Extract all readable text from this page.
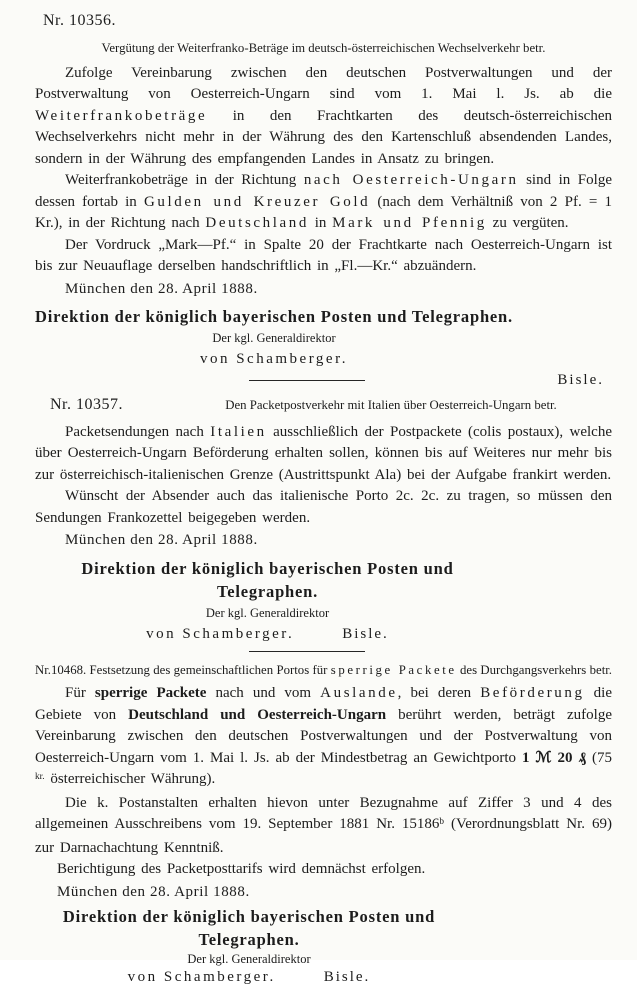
Nr. 10356.
Vergütung der Weiterfranko-Beträge im deutsch-österreichischen Wechselverkehr betr.

Zufolge Vereinbarung zwischen den deutschen Postverwaltungen und der Postverwaltung von Oesterreich-Ungarn sind vom 1. Mai l. Js. ab die Weiterfrankobeträge in den Frachtkarten des deutsch-österreichischen Wechselverkehrs nicht mehr in der Währung des den Kartenschluß absendenden Landes, sondern in der Währung des empfangenden Landes in Ansatz zu bringen.

Weiterfrankobeträge in der Richtung nach Oesterreich-Ungarn sind in Folge dessen fortab in Gulden und Kreuzer Gold (nach dem Verhältniß von 2 Pf. = 1 Kr.), in der Richtung nach Deutschland in Mark und Pfennig zu vergüten.

Der Vordruck „Mark—Pf.“ in Spalte 20 der Frachtkarte nach Oesterreich-Ungarn ist bis zur Neuauflage derselben handschriftlich in „Fl.—Kr.“ abzuändern.

München den 28. April 1888.
Direktion der königlich bayerischen Posten und Telegraphen.
Der kgl. Generaldirektor
von Schamberger.
Bisle.
Nr. 10357.	Den Packetpostverkehr mit Italien über Oesterreich-Ungarn betr.

Packetsendungen nach Italien ausschließlich der Postpackete (colis postaux), welche über Oesterreich-Ungarn Beförderung erhalten sollen, können bis auf Weiteres nur mehr bis zur österreichisch-italienischen Grenze (Austrittspunkt Ala) bei der Aufgabe frankirt werden.

Wünscht der Absender auch das italienische Porto 2c. 2c. zu tragen, so müssen den Sendungen Frankozettel beigegeben werden.

München den 28. April 1888.
Direktion der königlich bayerischen Posten und Telegraphen.
Der kgl. Generaldirektor
von Schamberger.	Bisle.
Nr.10468. Festsetzung des gemeinschaftlichen Portos für sperrige Packete des Durchgangsverkehrs betr.

Für sperrige Packete nach und vom Auslande, bei deren Beförderung die Gebiete von Deutschland und Oesterreich-Ungarn berührt werden, beträgt zufolge Vereinbarung zwischen den deutschen Postverwaltungen und der Postverwaltung von Oesterreich-Ungarn vom 1. Mai l. Js. ab der Mindestbetrag an Gewichtporto 1 ℳ 20 ₰ (75 $^{kr.}$ österreichischer Währung).

Die k. Postanstalten erhalten hievon unter Bezugnahme auf Ziffer 3 und 4 des allgemeinen Ausschreibens vom 19. September 1881 Nr. 15186$^b$ (Verordnungsblatt Nr. 69) zur Darnachachtung Kenntniß.

Berichtigung des Packetposttarifs wird demnächst erfolgen.

München den 28. April 1888.
Direktion der königlich bayerischen Posten und Telegraphen.
Der kgl. Generaldirektor
von Schamberger.	Bisle.
